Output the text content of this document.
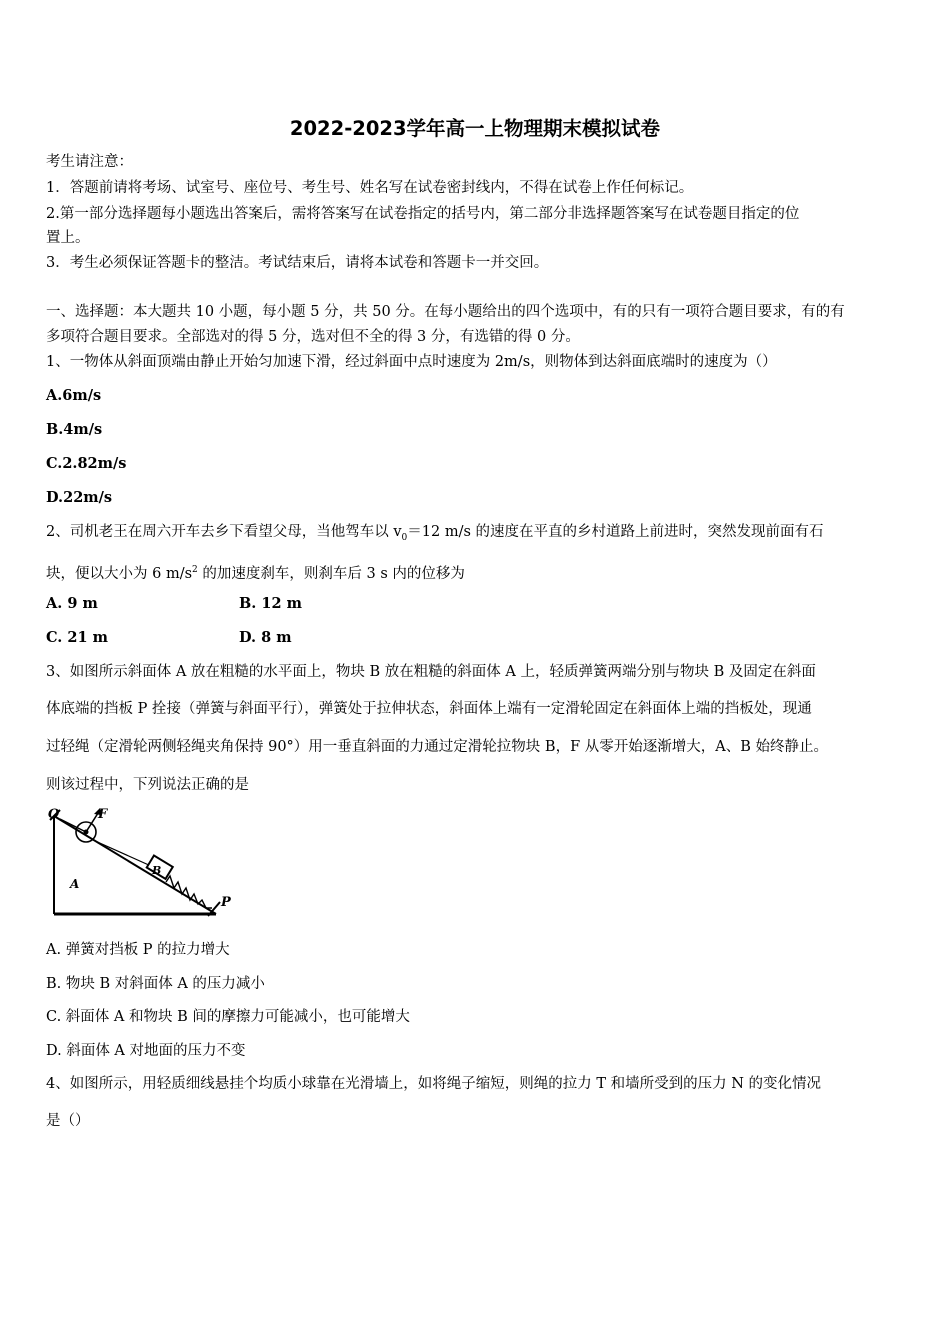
2022-2023学年高一上物理期末模拟试卷
考生请注意：
1．答题前请将考场、试室号、座位号、考生号、姓名写在试卷密封线内，不得在试卷上作任何标记。
2.第一部分选择题每小题选出答案后，需将答案写在试卷指定的括号内，第二部分非选择题答案写在试卷题目指定的位
置上。
3．考生必须保证答题卡的整洁。考试结束后，请将本试卷和答题卡一并交回。
一、选择题：本大题共 10 小题，每小题 5 分，共 50 分。在每小题给出的四个选项中，有的只有一项符合题目要求，有的有
多项符合题目要求。全部选对的得 5 分，选对但不全的得 3 分，有选错的得 0 分。
1、一物体从斜面顶端由静止开始匀加速下滑，经过斜面中点时速度为 2m/s，则物体到达斜面底端时的速度为（）
A.6m/s
B.4m/s
C.2.82m/s
D.22m/s
2、司机老王在周六开车去乡下看望父母，当他驾车以 $v_0=12$ m/s 的速度在平直的乡村道路上前进时，突然发现前面有石
块，便以大小为 6 $m/s^2$ 的加速度刹车，则刹车后 3 s 内的位移为
A. 9 m	B. 12 m
C. 21 m	D. 8 m
3、如图所示斜面体 A 放在粗糙的水平面上，物块 B 放在粗糙的斜面体 A 上，轻质弹簧两端分别与物块 B 及固定在斜面
体底端的挡板 P 拴接（弹簧与斜面平行），弹簧处于拉伸状态，斜面体上端有一定滑轮固定在斜面体上端的挡板处，现通
过轻绳（定滑轮两侧轻绳夹角保持 90°）用一垂直斜面的力通过定滑轮拉物块 B，F 从零开始逐渐增大，A、B 始终静止。
则该过程中，下列说法正确的是
O	F
B
A
P
A. 弹簧对挡板 P 的拉力增大
B. 物块 B 对斜面体 A 的压力减小
C. 斜面体 A 和物块 B 间的摩擦力可能减小，也可能增大
D. 斜面体 A 对地面的压力不变
4、如图所示，用轻质细线悬挂个均质小球靠在光滑墙上，如将绳子缩短，则绳的拉力 T 和墙所受到的压力 N 的变化情况
是（）
